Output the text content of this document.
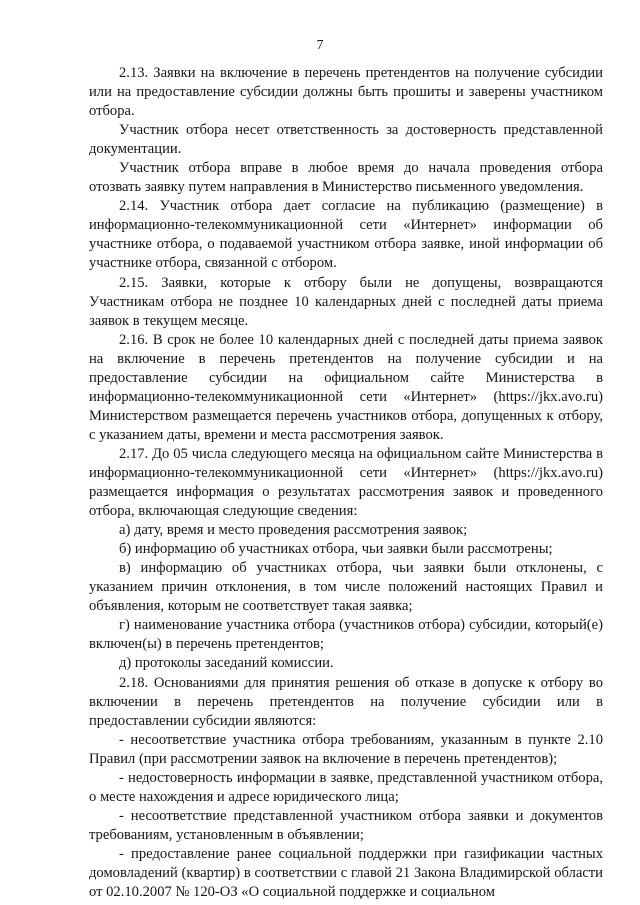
7

2.13. Заявки на включение в перечень претендентов на получение субсидии или на предоставление субсидии должны быть прошиты и заверены участником отбора.

Участник отбора несет ответственность за достоверность представленной документации.

Участник отбора вправе в любое время до начала проведения отбора отозвать заявку путем направления в Министерство письменного уведомления.

2.14. Участник отбора дает согласие на публикацию (размещение) в информационно-телекоммуникационной сети «Интернет» информации об участнике отбора, о подаваемой участником отбора заявке, иной информации об участнике отбора, связанной с отбором.

2.15. Заявки, которые к отбору были не допущены, возвращаются Участникам отбора не позднее 10 календарных дней с последней даты приема заявок в текущем месяце.

2.16. В срок не более 10 календарных дней с последней даты приема заявок на включение в перечень претендентов на получение субсидии и на предоставление субсидии на официальном сайте Министерства в информационно-телекоммуникационной сети «Интернет» (https://jkx.avo.ru) Министерством размещается перечень участников отбора, допущенных к отбору, с указанием даты, времени и места рассмотрения заявок.

2.17. До 05 числа следующего месяца на официальном сайте Министерства в информационно-телекоммуникационной сети «Интернет» (https://jkx.avo.ru) размещается информация о результатах рассмотрения заявок и проведенного отбора, включающая следующие сведения:

а) дату, время и место проведения рассмотрения заявок;

б) информацию об участниках отбора, чьи заявки были рассмотрены;

в) информацию об участниках отбора, чьи заявки были отклонены, с указанием причин отклонения, в том числе положений настоящих Правил и объявления, которым не соответствует такая заявка;

г) наименование участника отбора (участников отбора) субсидии, который(е) включен(ы) в перечень претендентов;

д) протоколы заседаний комиссии.

2.18. Основаниями для принятия решения об отказе в допуске к отбору во включении в перечень претендентов на получение субсидии или в предоставлении субсидии являются:

- несоответствие участника отбора требованиям, указанным в пункте 2.10 Правил (при рассмотрении заявок на включение в перечень претендентов);

- недостоверность информации в заявке, представленной участником отбора, о месте нахождения и адресе юридического лица;

- несоответствие представленной участником отбора заявки и документов требованиям, установленным в объявлении;

- предоставление ранее социальной поддержки при газификации частных домовладений (квартир) в соответствии с главой 21 Закона Владимирской области от 02.10.2007 № 120-ОЗ «О социальной поддержке и социальном
